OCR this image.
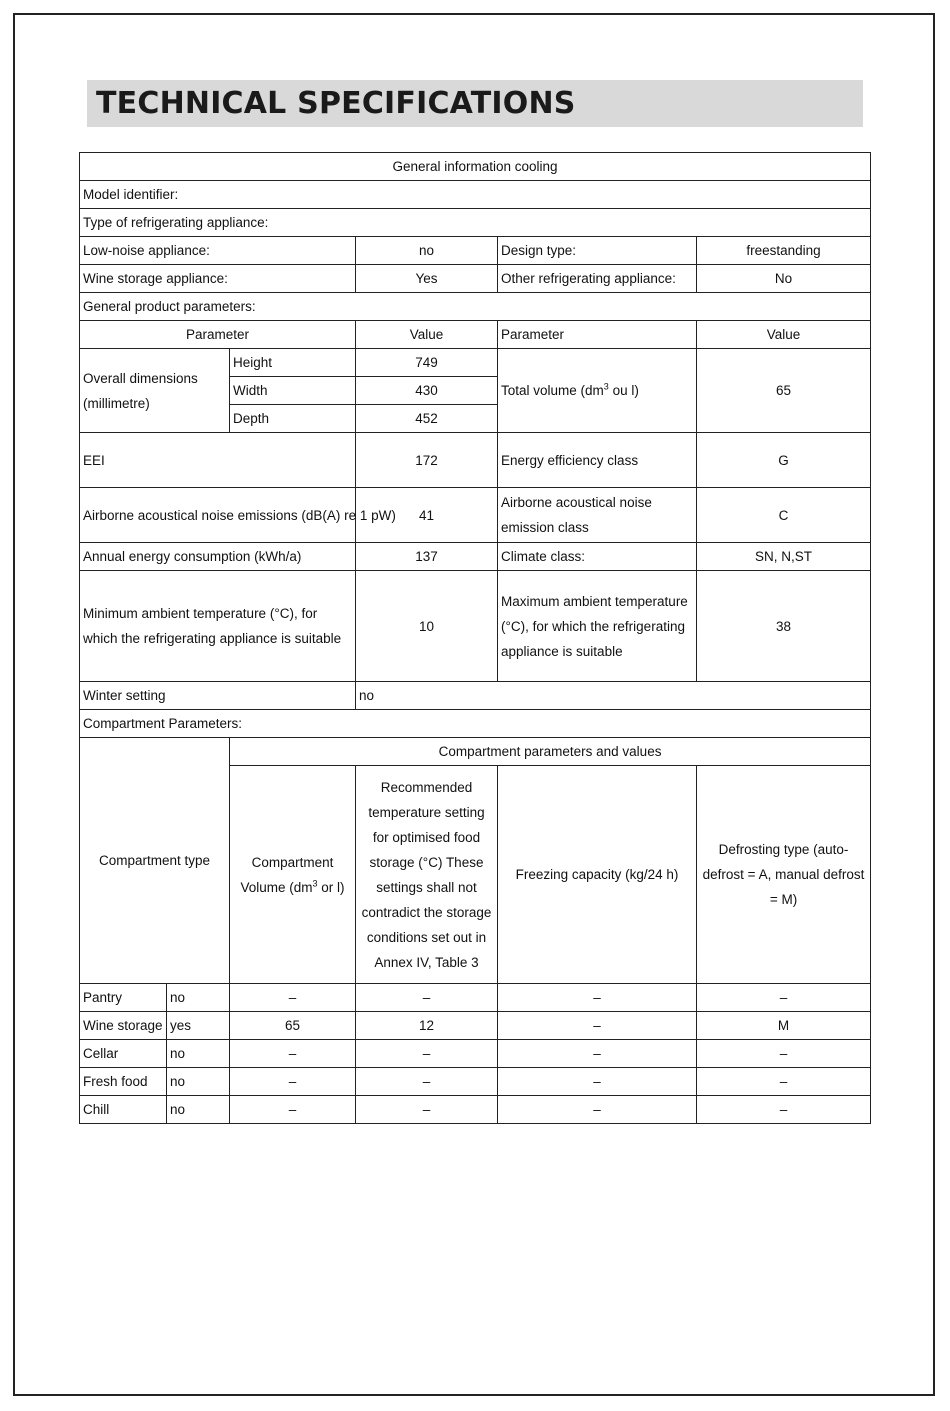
TECHNICAL SPECIFICATIONS
General information cooling					
Model identifier:					
Type of refrigerating appliance:					
Low-noise appliance:			no	Design type:	freestanding
Wine storage appliance:			Yes	Other refrigerating appliance:	No
General product parameters:					
Parameter			Value	Parameter	Value
Overall dimensions (millimetre)		Height	749	Total volume ($dm^3$ ou l)	65
		Width	430		
		Depth	452		
EEI			172	Energy efficiency class	G
Airborne acoustical noise emissions (dB(A) re 1 pW)			41	Airborne acoustical noise emission class	C
Annual energy consumption (kWh/a)			137	Climate class:	SN, N,ST
Minimum ambient temperature (°C), for which the refrigerating appliance is suitable			10	Maximum ambient temperature (°C), for which the refrigerating appliance is suitable	38
Winter setting			no		
Compartment Parameters:					
Compartment type		Compartment parameters and values			
		Compartment Volume ($dm^3$ or l)	Recommended temperature setting for optimised food storage (°C) These settings shall not contradict the storage conditions set out in Annex IV, Table 3	Freezing capacity (kg/24 h)	Defrosting type (auto-defrost = A, manual defrost = M)
Pantry	no	–	–	–	–
Wine storage	yes	65	12	–	M
Cellar	no	–	–	–	–
Fresh food	no	–	–	–	–
Chill	no	–	–	–	–
